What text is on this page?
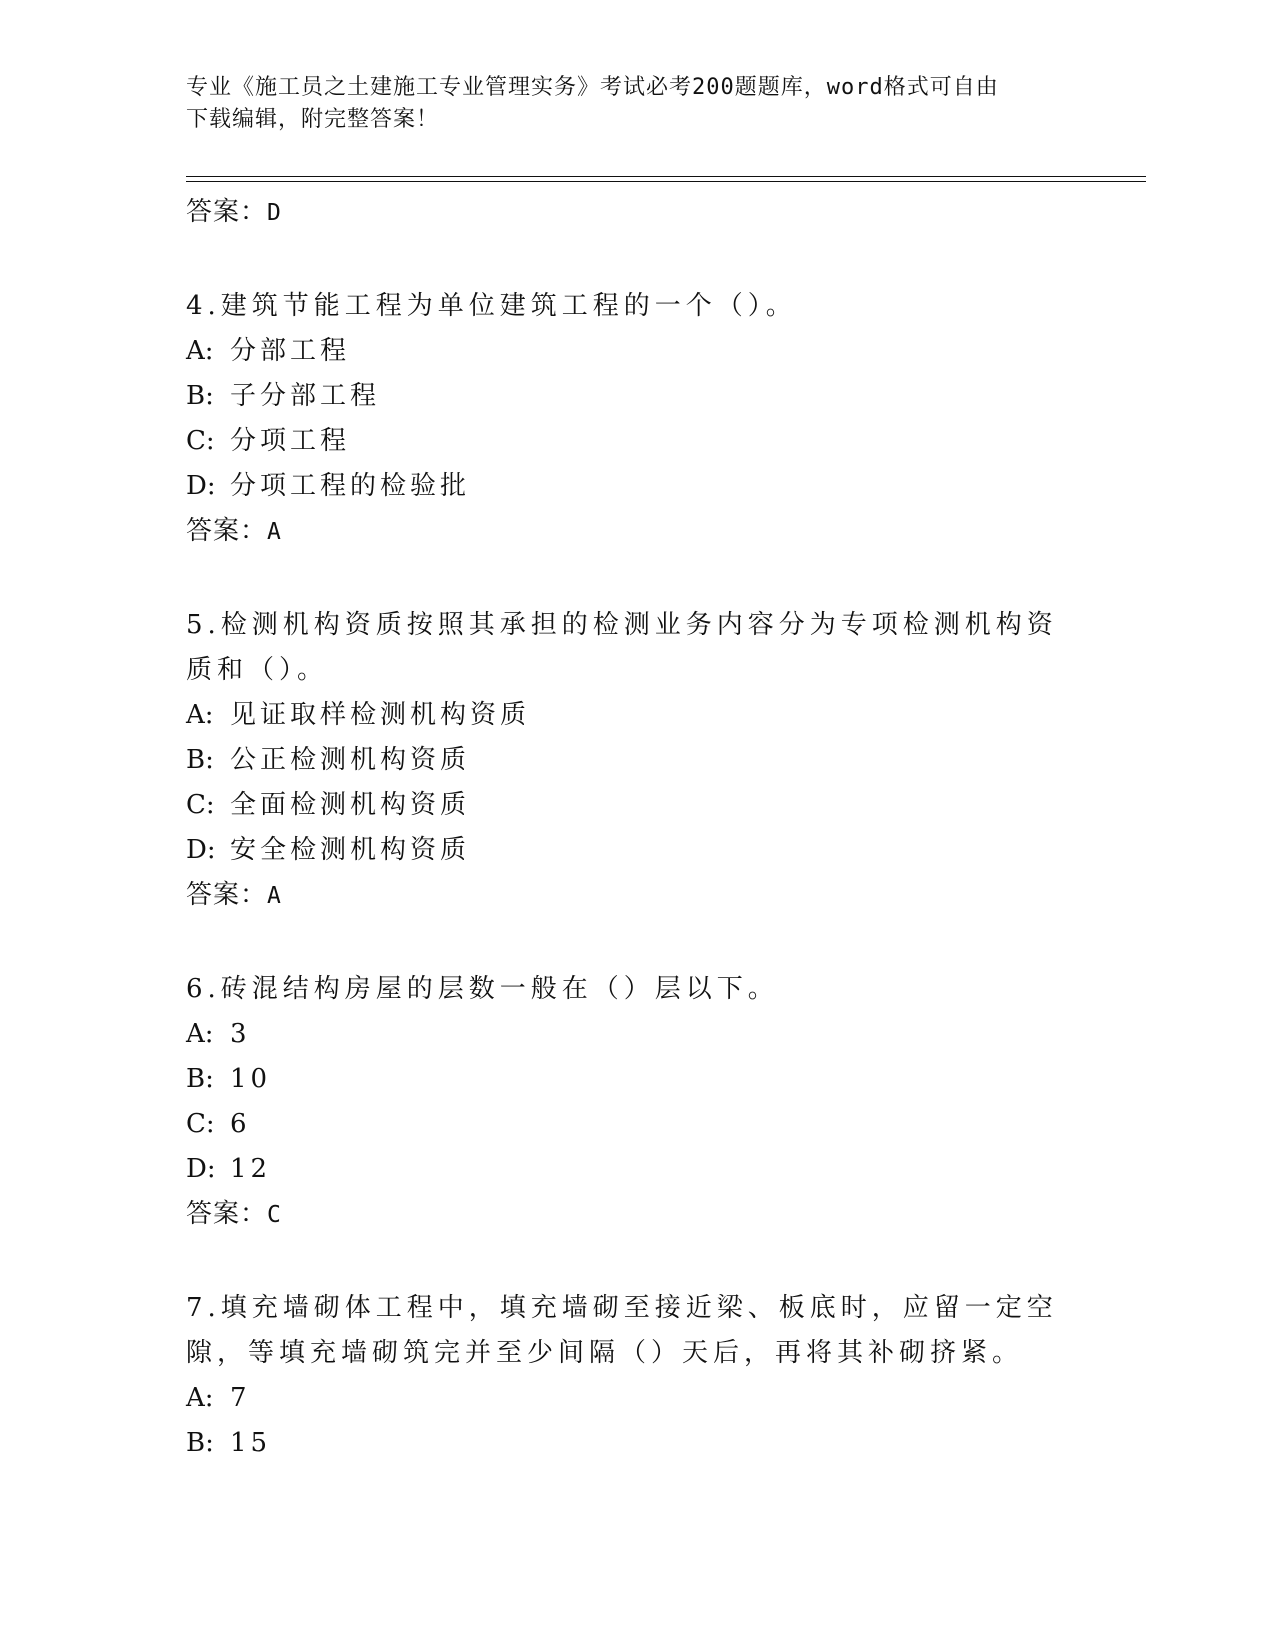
专业《施工员之土建施工专业管理实务》考试必考200题题库，word格式可自由
下载编辑，附完整答案！
答案：D
4.建筑节能工程为单位建筑工程的一个（）。
A: 分部工程
B: 子分部工程
C: 分项工程
D: 分项工程的检验批
答案：A
5.检测机构资质按照其承担的检测业务内容分为专项检测机构资质和（）。
A: 见证取样检测机构资质
B: 公正检测机构资质
C: 全面检测机构资质
D: 安全检测机构资质
答案：A
6.砖混结构房屋的层数一般在（）层以下。
A: 3
B: 10
C: 6
D: 12
答案：C
7.填充墙砌体工程中，填充墙砌至接近梁、板底时，应留一定空隙，等填充墙砌筑完并至少间隔（）天后，再将其补砌挤紧。
A: 7
B: 15
